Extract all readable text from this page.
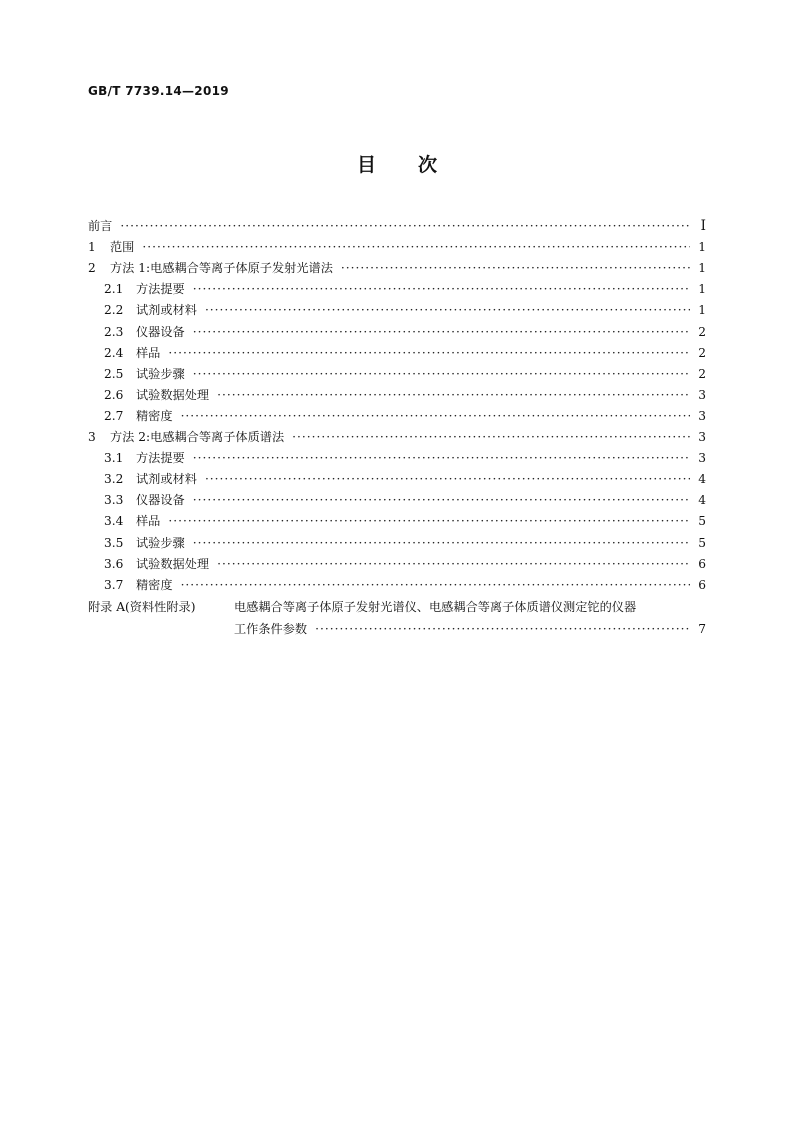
GB/T 7739.14—2019
目次
前言 ·····	Ⅰ
1	范围 ·····	1
2	方法 1:电感耦合等离子体原子发射光谱法 ·····	1
2.1	方法提要 ·····	1
2.2	试剂或材料 ·····	1
2.3	仪器设备 ·····	2
2.4	样品 ·····	2
2.5	试验步骤 ·····	2
2.6	试验数据处理 ·····	3
2.7	精密度 ·····	3
3	方法 2:电感耦合等离子体质谱法 ·····	3
3.1	方法提要 ·····	3
3.2	试剂或材料 ·····	4
3.3	仪器设备 ·····	4
3.4	样品 ·····	5
3.5	试验步骤 ·····	5
3.6	试验数据处理 ·····	6
3.7	精密度 ·····	6
附录 A(资料性附录)	电感耦合等离子体原子发射光谱仪、电感耦合等离子体质谱仪测定铊的仪器
工作条件参数 ·····	7
